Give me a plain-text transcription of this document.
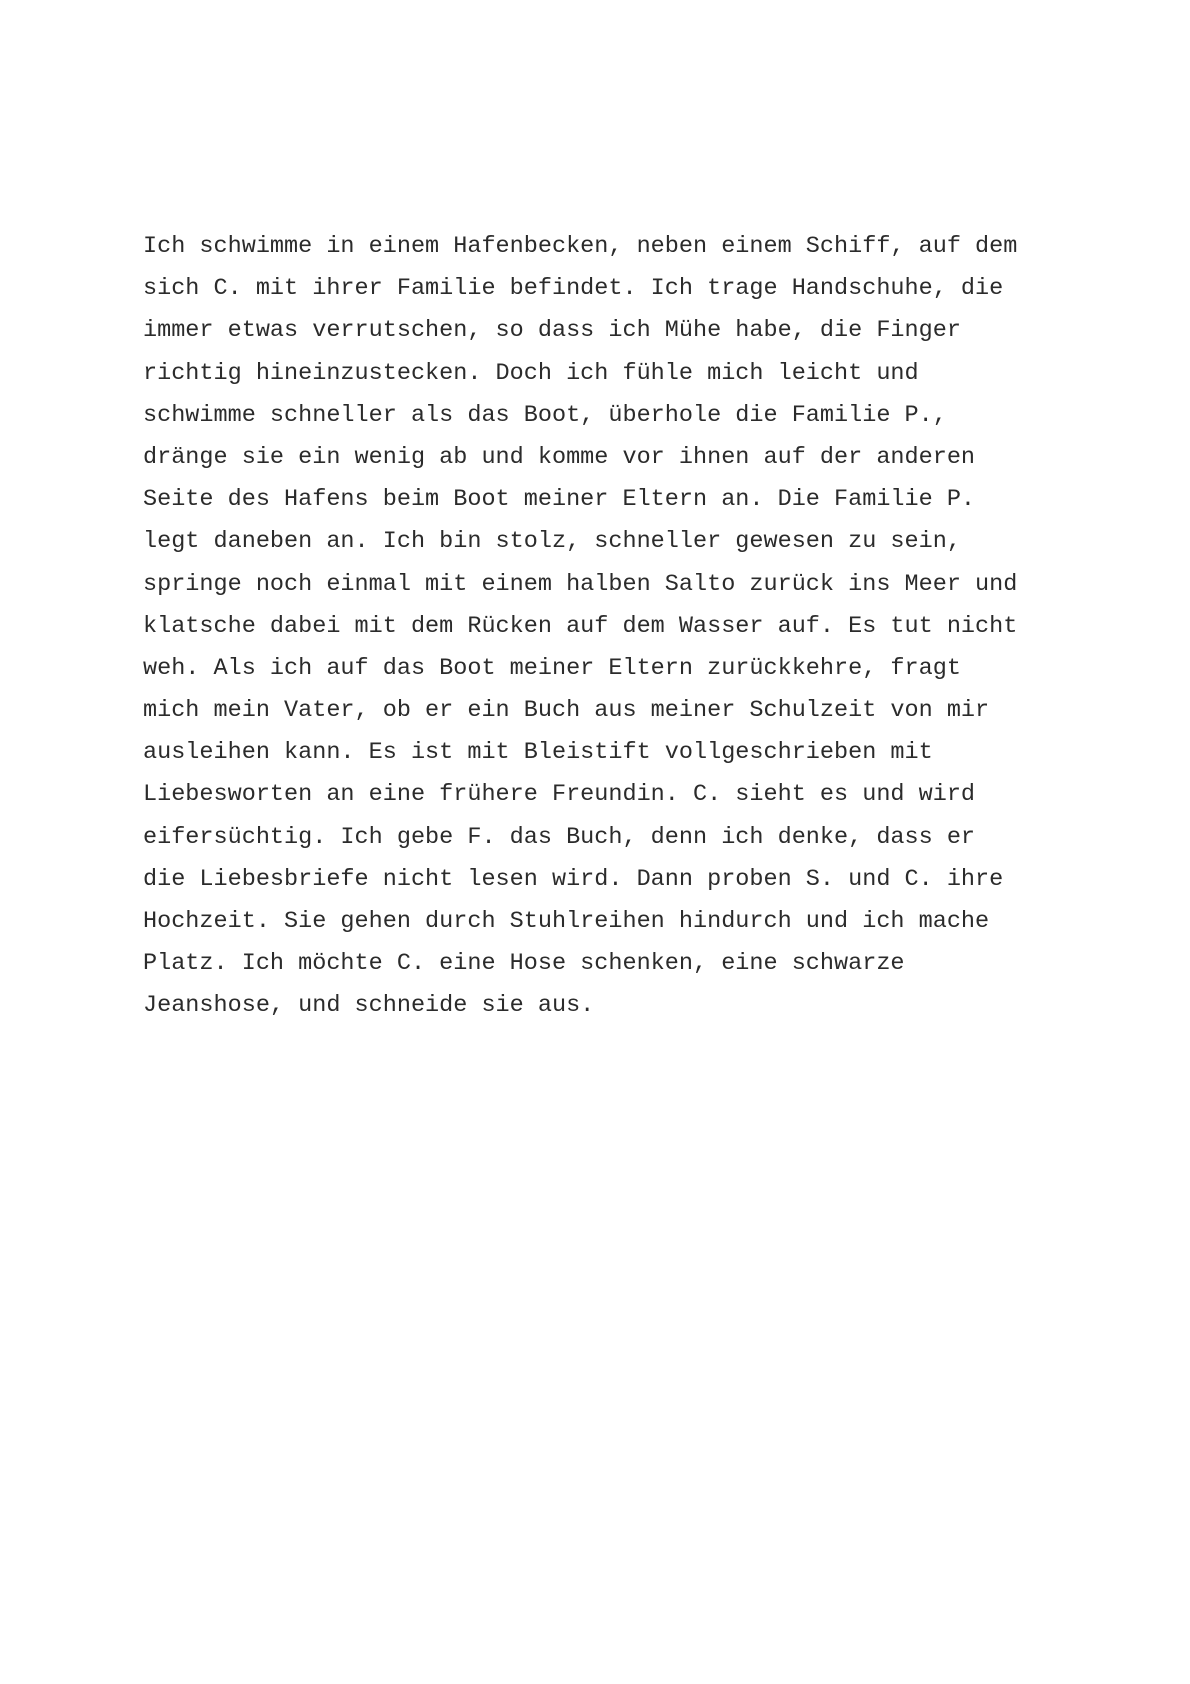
Ich schwimme in einem Hafenbecken, neben einem Schiff, auf dem
sich C. mit ihrer Familie befindet. Ich trage Handschuhe, die
immer etwas verrutschen, so dass ich Mühe habe, die Finger
richtig hineinzustecken. Doch ich fühle mich leicht und
schwimme schneller als das Boot, überhole die Familie P.,
dränge sie ein wenig ab und komme vor ihnen auf der anderen
Seite des Hafens beim Boot meiner Eltern an. Die Familie P.
legt daneben an. Ich bin stolz, schneller gewesen zu sein,
springe noch einmal mit einem halben Salto zurück ins Meer und
klatsche dabei mit dem Rücken auf dem Wasser auf. Es tut nicht
weh. Als ich auf das Boot meiner Eltern zurückkehre, fragt
mich mein Vater, ob er ein Buch aus meiner Schulzeit von mir
ausleihen kann. Es ist mit Bleistift vollgeschrieben mit
Liebesworten an eine frühere Freundin. C. sieht es und wird
eifersüchtig. Ich gebe F. das Buch, denn ich denke, dass er
die Liebesbriefe nicht lesen wird. Dann proben S. und C. ihre
Hochzeit. Sie gehen durch Stuhlreihen hindurch und ich mache
Platz. Ich möchte C. eine Hose schenken, eine schwarze
Jeanshose, und schneide sie aus.
